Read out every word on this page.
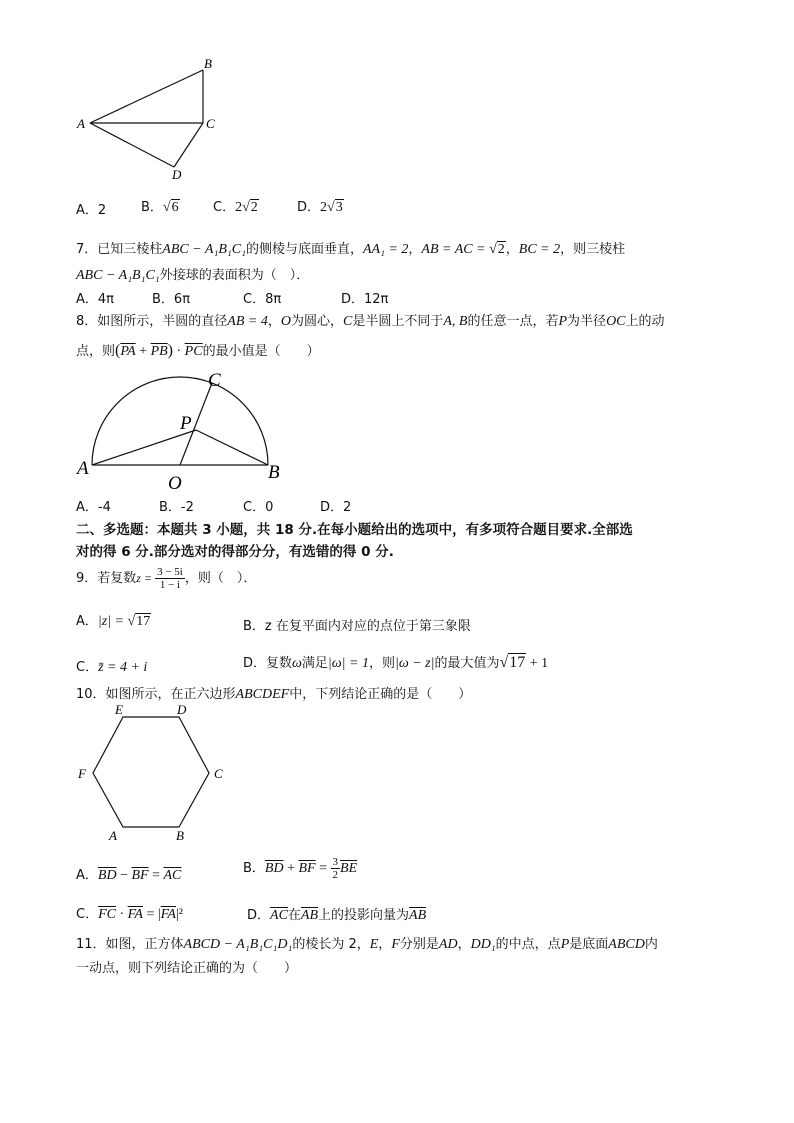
B
A	C
D
A．2	B．√6	C．2√2	D．2√3
7．已知三棱柱ABC − A₁B₁C₁的侧棱与底面垂直，AA₁ = 2，AB = AC = √2，BC = 2，则三棱柱
ABC − A₁B₁C₁外接球的表面积为（　）．
A．4π	B．6π	C．8π	D．12π
8．如图所示，半圆的直径AB = 4，O为圆心，C是半圆上不同于A, B的任意一点，若P为半径OC上的动
点，则$(\overline{PA} + \overline{PB}) \cdot \overline{PC}$的最小值是（　　）
C
P
A
O
B
A．-4	B．-2	C．0	D．2
二、多选题：本题共 3 小题，共 18 分.在每小题给出的选项中，有多项符合题目要求.全部选
对的得 6 分.部分选对的得部分分，有选错的得 0 分.
9．若复数$z = \frac{3 - 5i}{1 - i}$ ，则（　）．
A．|z| = √17	B．z 在复平面内对应的点位于第三象限
C．z̄ = 4 + i	D．复数ω满足|ω| = 1，则|ω − z|的最大值为√17 + 1
10．如图所示，在正六边形ABCDEF中，下列结论正确的是（　　）
E	D
F	C
A	B
A．$\overline{BD} - \overline{BF} = \overline{AC}$	B．$\overline{BD} + \overline{BF} = \frac{3}{2} \overline{BE}$
C．$\overline{FC} \cdot \overline{FA} = |\overline{FA}|^2$	D．$\overline{AC}$在$\overline{AB}$上的投影向量为$\overline{AB}$
11．如图，正方体ABCD − A₁B₁C₁D₁的棱长为 2，E，F分别是AD，DD₁的中点，点P是底面ABCD内
一动点，则下列结论正确的为（　　）
